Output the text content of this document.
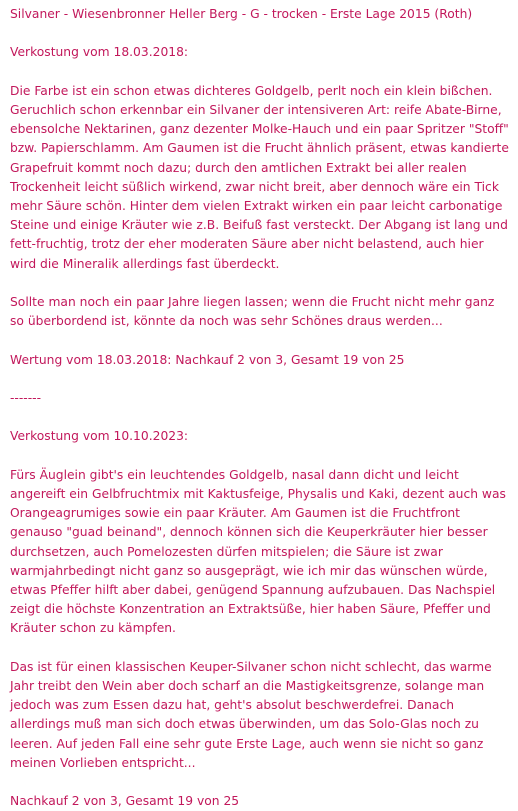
Silvaner - Wiesenbronner Heller Berg - G - trocken - Erste Lage 2015 (Roth)

Verkostung vom 18.03.2018:

Die Farbe ist ein schon etwas dichteres Goldgelb, perlt noch ein klein bißchen. Geruchlich schon erkennbar ein Silvaner der intensiveren Art: reife Abate-Birne, ebensolche Nektarinen, ganz dezenter Molke-Hauch und ein paar Spritzer "Stoff" bzw. Papierschlamm. Am Gaumen ist die Frucht ähnlich präsent, etwas kandierte Grapefruit kommt noch dazu; durch den amtlichen Extrakt bei aller realen Trockenheit leicht süßlich wirkend, zwar nicht breit, aber dennoch wäre ein Tick mehr Säure schön. Hinter dem vielen Extrakt wirken ein paar leicht carbonatige Steine und einige Kräuter wie z.B. Beifuß fast versteckt. Der Abgang ist lang und fett-fruchtig, trotz der eher moderaten Säure aber nicht belastend, auch hier wird die Mineralik allerdings fast überdeckt.

Sollte man noch ein paar Jahre liegen lassen; wenn die Frucht nicht mehr ganz so überbordend ist, könnte da noch was sehr Schönes draus werden...

Wertung vom 18.03.2018: Nachkauf 2 von 3, Gesamt 19 von 25

-------

Verkostung vom 10.10.2023:

Fürs Äuglein gibt's ein leuchtendes Goldgelb, nasal dann dicht und leicht angereift ein Gelbfruchtmix mit Kaktusfeige, Physalis und Kaki, dezent auch was Orangeagrumiges sowie ein paar Kräuter. Am Gaumen ist die Fruchtfront genauso "guad beinand", dennoch können sich die Keuperkräuter hier besser durchsetzen, auch Pomelozesten dürfen mitspielen; die Säure ist zwar warmjahrbedingt nicht ganz so ausgeprägt, wie ich mir das wünschen würde, etwas Pfeffer hilft aber dabei, genügend Spannung aufzubauen. Das Nachspiel zeigt die höchste Konzentration an Extraktsüße, hier haben Säure, Pfeffer und Kräuter schon zu kämpfen.

Das ist für einen klassischen Keuper-Silvaner schon nicht schlecht, das warme Jahr treibt den Wein aber doch scharf an die Mastigkeitsgrenze, solange man jedoch was zum Essen dazu hat, geht's absolut beschwerdefrei. Danach allerdings muß man sich doch etwas überwinden, um das Solo-Glas noch zu leeren. Auf jeden Fall eine sehr gute Erste Lage, auch wenn sie nicht so ganz meinen Vorlieben entspricht...

Nachkauf 2 von 3, Gesamt 19 von 25
